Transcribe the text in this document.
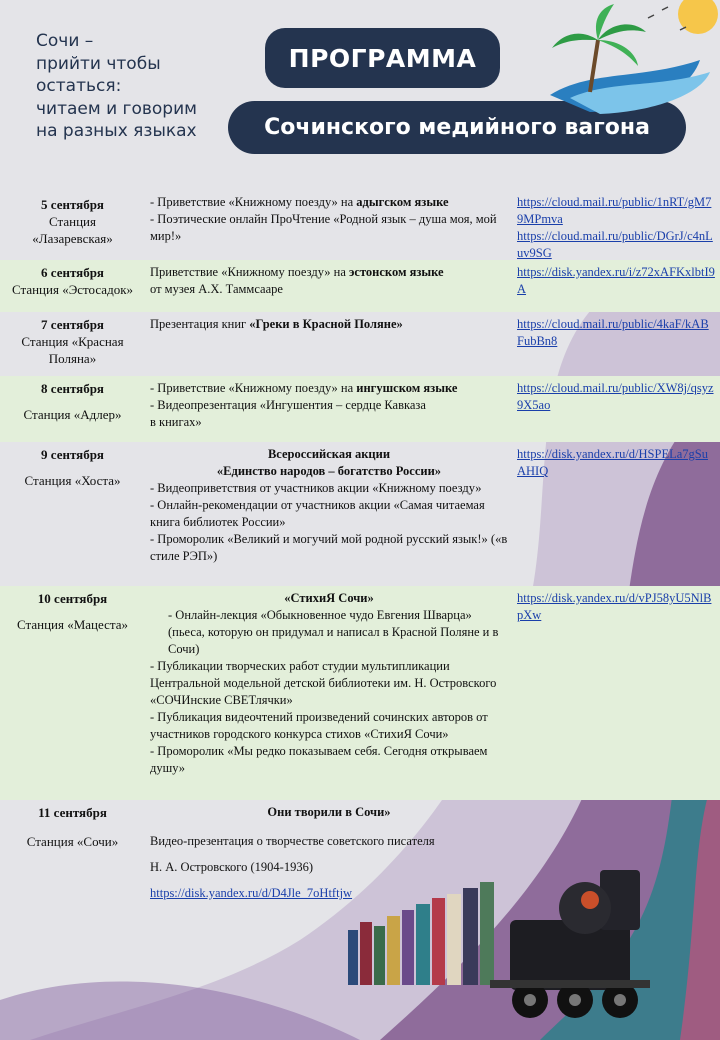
Сочи –
прийти чтобы
остаться:
читаем и говорим
на разных языках
ПРОГРАММА
Сочинского медийного вагона
5 сентября
Станция
«Лазаревская»
- Приветствие «Книжному поезду» на адыгском языке
- Поэтические онлайн ПроЧтение «Родной язык – душа моя, мой мир!»
https://cloud.mail.ru/public/1nRT/gM79MPmva
https://cloud.mail.ru/public/DGrJ/c4nLuv9SG
6 сентября
Станция «Эстосадок»
Приветствие «Книжному поезду» на эстонском языке
от музея А.Х. Таммсааре
https://disk.yandex.ru/i/z72xAFKxlbtI9A
7 сентября
Станция «Красная
Поляна»
Презентация книг «Греки в Красной Поляне»	https://cloud.mail.ru/public/4kaF/kABFubBn8
8 сентября
Станция «Адлер»
- Приветствие «Книжному поезду» на ингушском языке
- Видеопрезентация «Ингушентия – сердце Кавказа
в книгах»
https://cloud.mail.ru/public/XW8j/qsyz9X5ao
9 сентября
Станция «Хоста»
Всероссийская акции
«Единство народов – богатство России»
- Видеоприветствия от участников акции «Книжному поезду»
- Онлайн-рекомендации от участников акции «Самая читаемая книга библиотек России»
- Проморолик «Великий и могучий мой родной русский язык!» («в стиле РЭП»)
https://disk.yandex.ru/d/HSPELa7gSuAHIQ
10 сентября
Станция «Мацеста»
«СтихиЯ Сочи»
- Онлайн-лекция «Обыкновенное чудо Евгения Шварца» (пьеса, которую он придумал и написал в Красной Поляне и в Сочи)
- Публикации творческих работ студии мультипликации Центральной модельной детской библиотеки им. Н. Островского «СОЧИнские СВЕТлячки»
- Публикация видеочтений произведений сочинских авторов от участников городского конкурса стихов «СтихиЯ Сочи»
- Проморолик «Мы редко показываем себя. Сегодня открываем душу»
https://disk.yandex.ru/d/vPJ58yU5NlBpXw
11 сентября
Станция «Сочи»
Они творили в Сочи»
Видео-презентация о творчестве советского писателя
Н. А. Островского (1904-1936)
https://disk.yandex.ru/d/D4Jle_7oHtftjw
